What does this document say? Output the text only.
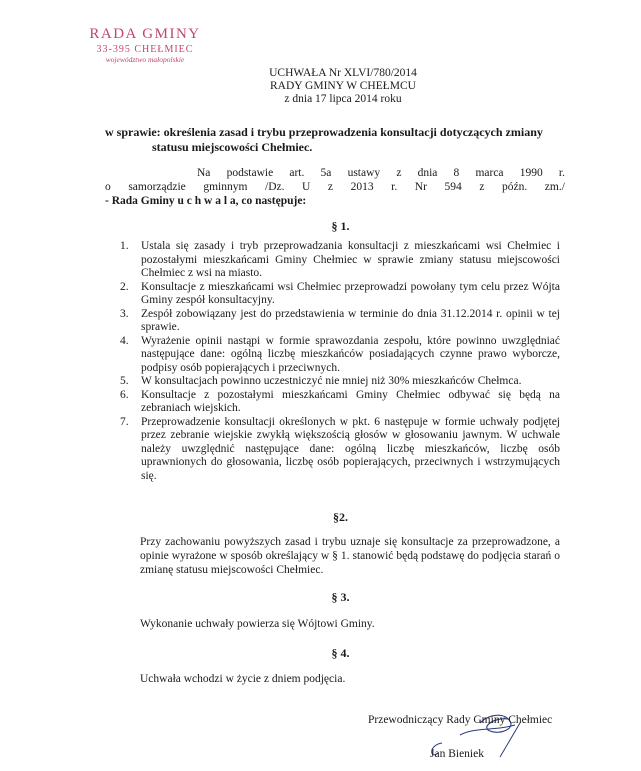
RADA GMINY
33-395 CHEŁMIEC
województwo małopolskie
UCHWAŁA Nr XLVI/780/2014
RADY GMINY W CHEŁMCU
z dnia 17 lipca 2014 roku
w sprawie: określenia zasad i trybu przeprowadzenia konsultacji dotyczących zmiany
statusu miejscowości Chełmiec.
Na podstawie art. 5a ustawy z dnia 8 marca 1990 r.
o samorządzie gminnym /Dz. U z 2013 r. Nr 594 z późn. zm./
- Rada Gminy u c h w a l a, co następuje:
§ 1.
1.	Ustala się zasady i tryb przeprowadzania konsultacji z mieszkańcami wsi Chełmiec i pozostałymi mieszkańcami Gminy Chełmiec w sprawie zmiany statusu miejscowości Chełmiec z wsi na miasto.
2.	Konsultacje z mieszkańcami wsi Chełmiec przeprowadzi powołany tym celu przez Wójta Gminy zespół konsultacyjny.
3.	Zespół zobowiązany jest do przedstawienia w terminie do dnia 31.12.2014 r. opinii w tej sprawie.
4.	Wyrażenie opinii nastąpi w formie sprawozdania zespołu, które powinno uwzględniać następujące dane: ogólną liczbę mieszkańców posiadających czynne prawo wyborcze, podpisy osób popierających i przeciwnych.
5.	W konsultacjach powinno uczestniczyć nie mniej niż 30% mieszkańców Chełmca.
6.	Konsultacje z pozostałymi mieszkańcami Gminy Chełmiec odbywać się będą na zebraniach wiejskich.
7.	Przeprowadzenie konsultacji określonych w pkt. 6 następuje w formie uchwały podjętej przez zebranie wiejskie zwykłą większością głosów w głosowaniu jawnym. W uchwale należy uwzględnić następujące dane: ogólną liczbę mieszkańców, liczbę osób uprawnionych do głosowania, liczbę osób popierających, przeciwnych i wstrzymujących się.
§2.
Przy zachowaniu powyższych zasad i trybu uznaje się konsultacje za przeprowadzone, a opinie wyrażone w sposób określający w § 1. stanowić będą podstawę do podjęcia starań o zmianę statusu miejscowości Chełmiec.
§ 3.
Wykonanie uchwały powierza się Wójtowi Gminy.
§ 4.
Uchwała wchodzi w życie z dniem podjęcia.
Przewodniczący Rady Gminy Chełmiec
Jan Bieniek
